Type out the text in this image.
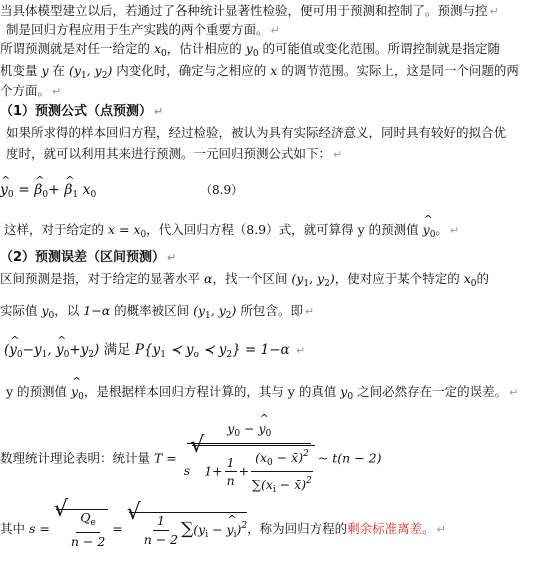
当具体模型建立以后，若通过了各种统计显著性检验，便可用于预测和控制了。预测与控 ↵
制是回归方程应用于生产实践的两个重要方面。 ↵
所谓预测就是对任一给定的 $x_0$，估计相应的 $y_0$ 的可能值或变化范围。所谓控制就是指定随
机变量 y 在 ($y_1$, $y_2$) 内变化时，确定与之相应的 x 的调节范围。实际上，这是同一个问题的两
个方面。 ↵
（1）预测公式（点预测） ↵
如果所求得的样本回归方程，经过检验，被认为具有实际经济意义，同时具有较好的拟合优
度时，就可以利用其来进行预测。一元回归预测公式如下： ↵
^ $y_0$ = ^ $\beta_0+$ ^ $\beta_1$ $x_0$	（8.9）
这样，对于给定的 $x = x_0$，代入回归方程（8.9）式，就可算得 y 的预测值 ^ $y_0$。 ↵
（2）预测误差（区间预测） ↵
区间预测是指，对于给定的显著水平 α，找一个区间 ($y_1$, $y_2$)，使对应于某个特定的 $x_0$的
实际值 $y_0$，以 1−α 的概率被区间 ($y_1$, $y_2$) 所包含。即 ↵
(^ $y_0-y_1$, ^ $y_0+y_2$) 满足 $P\{y_1$ ≺ $y_o$ ≺ $y_2\} = 1-\alpha$ ↵
y 的预测值 ^ $y_0$，是根据样本回归方程计算的，其与 y 的真值 $y_0$ 之间必然存在一定的误差。 ↵
数理统计理论表明：统计量 $T = \frac{y_0 - \^{} y_0}{s √ 1+ \frac{1}{n} + \frac{(x_0 - x̄)^2}{\sum(x_i - x̄)^2}}$ ~ t(n − 2)
其中 s = √ $\frac{Q_e}{n - 2}$ = √ $\frac{1}{n - 2} \sum(y_i$ − ^ $y_i)^2$，称为回归方程的剩余标准离差。 ↵
